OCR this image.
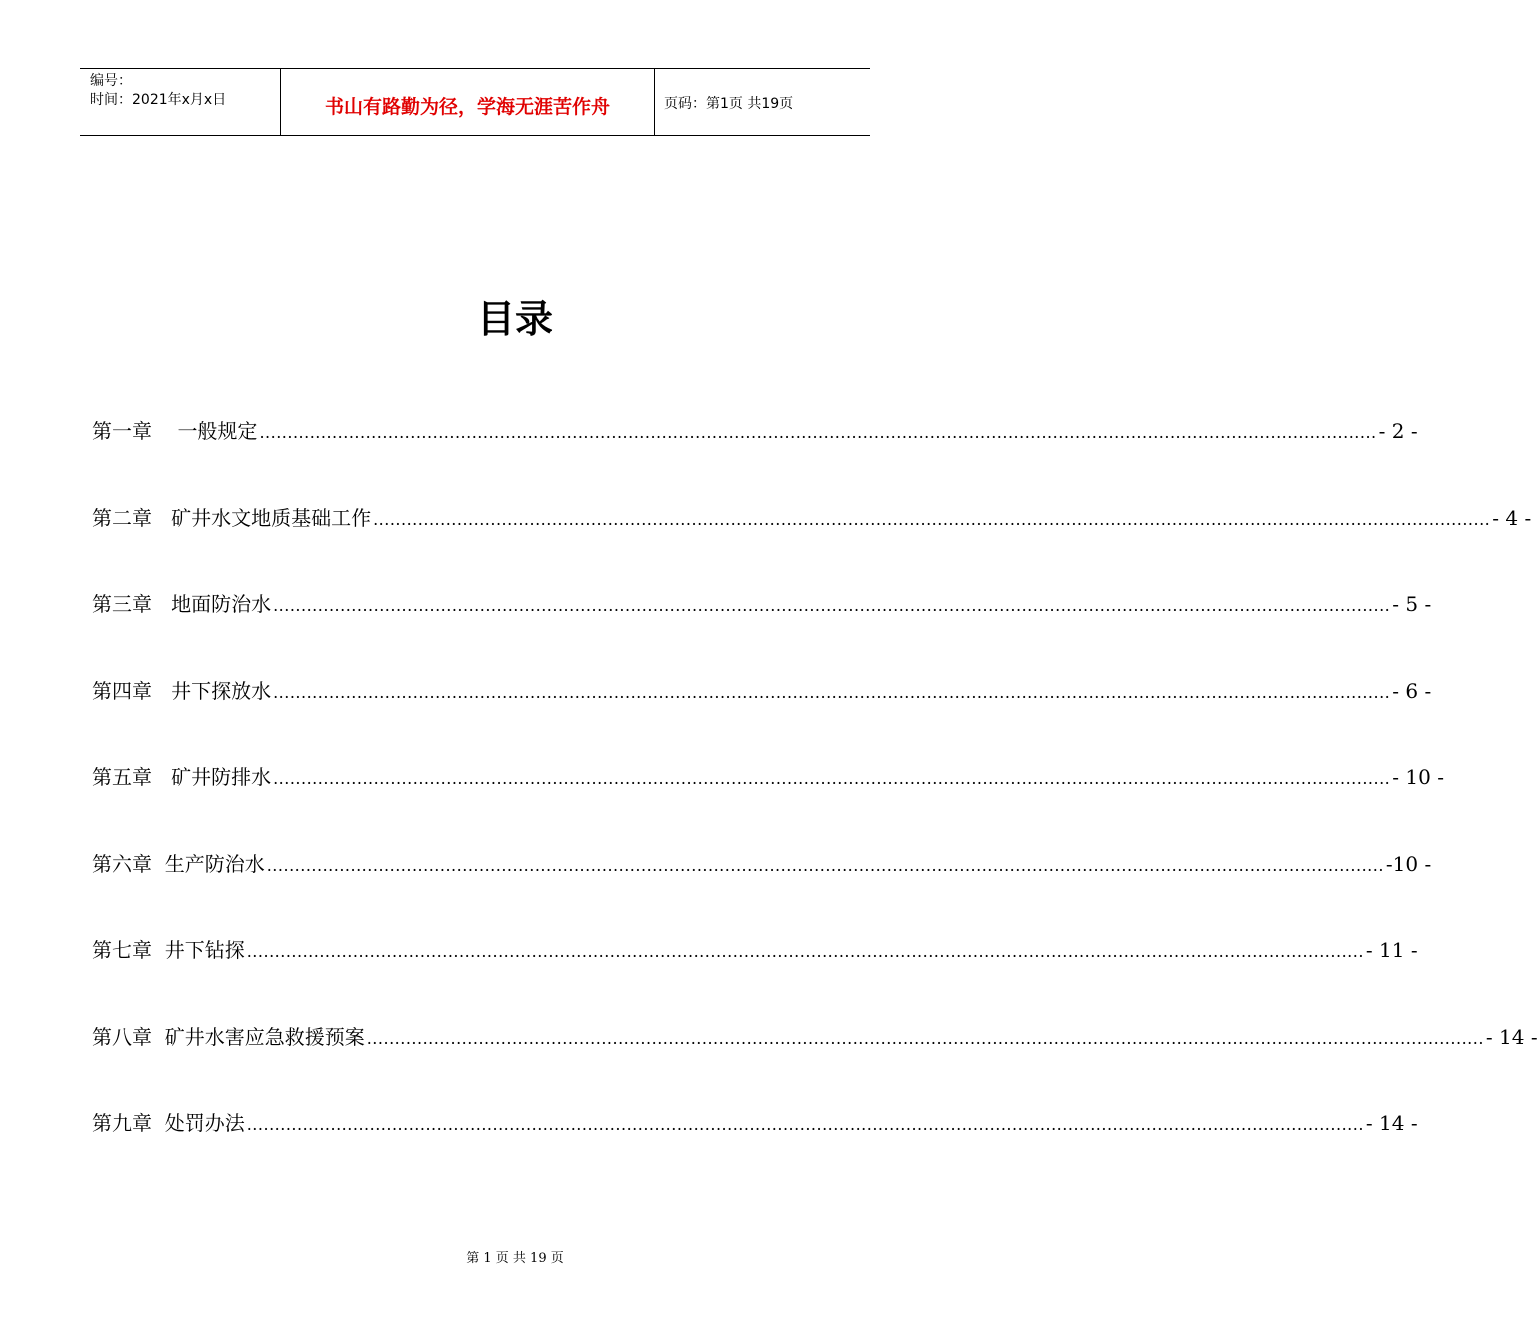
编号：
时间：2021年x月x日	书山有路勤为径，学海无涯苦作舟	页码：第1页 共19页
目录
第一章
一般规定 ........................................................................................................................................................................................................ - 2 -
第二章
矿井水文地质基础工作 ........................................................................................................................................................................................................ - 4 -
第三章
地面防治水 ........................................................................................................................................................................................................ - 5 -
第四章
井下探放水 ........................................................................................................................................................................................................ - 6 -
第五章
矿井防排水 ........................................................................................................................................................................................................ - 10 -
第六章
生产防治水 ........................................................................................................................................................................................................ -10 -
第七章
井下钻探 ........................................................................................................................................................................................................ - 11 -
第八章
矿井水害应急救援预案 ........................................................................................................................................................................................................ - 14 -
第九章
处罚办法 ........................................................................................................................................................................................................ - 14 -
第 1 页 共 19 页
